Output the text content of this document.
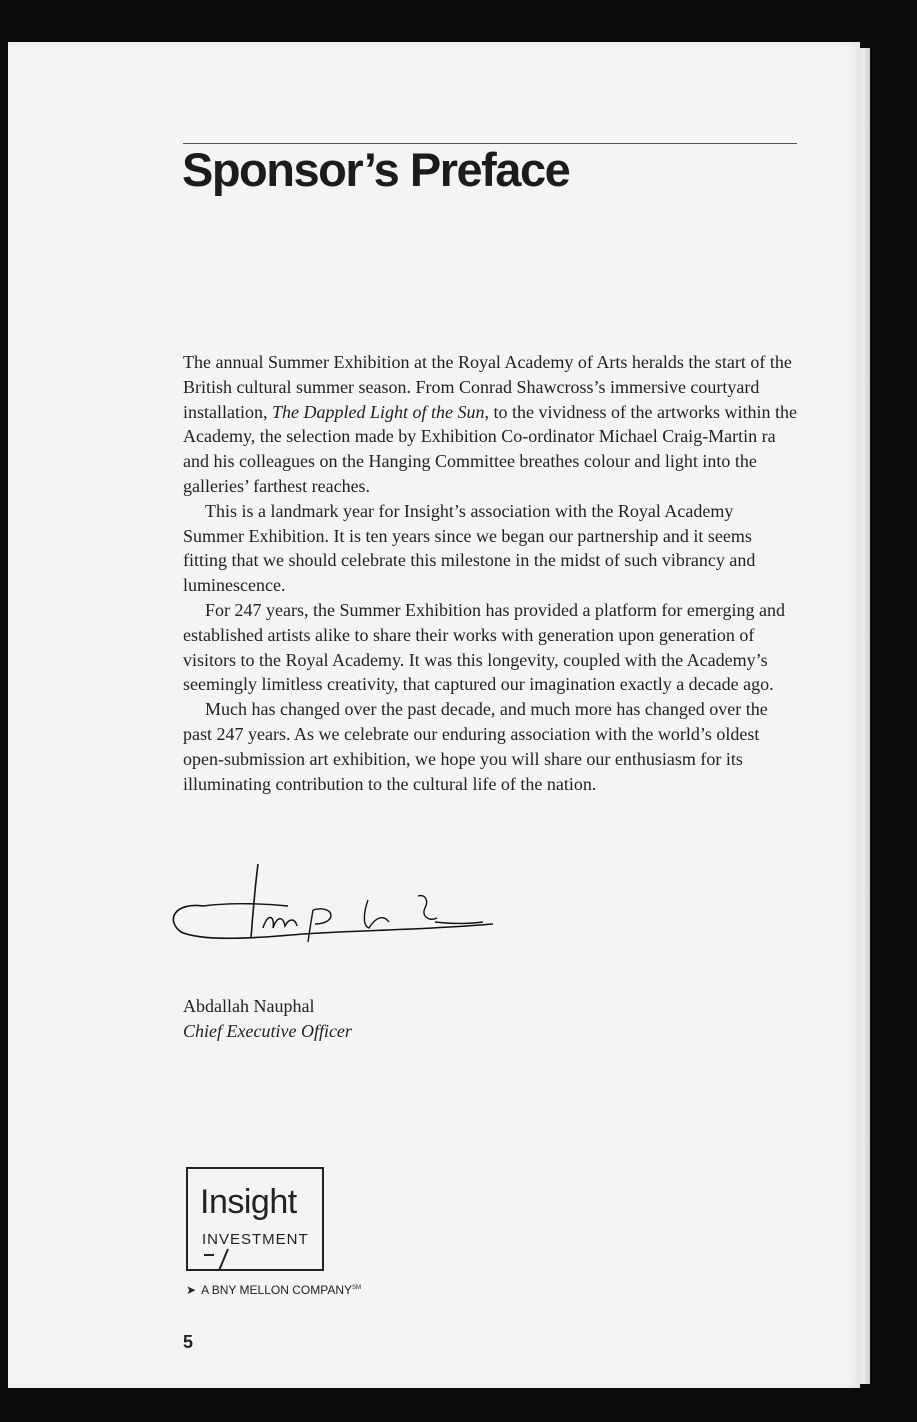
Sponsor’s Preface

The annual Summer Exhibition at the Royal Academy of Arts heralds the start of the British cultural summer season. From Conrad Shawcross’s immersive courtyard installation, The Dappled Light of the Sun, to the vividness of the artworks within the Academy, the selection made by Exhibition Co-ordinator Michael Craig-Martin ra and his colleagues on the Hanging Committee breathes colour and light into the galleries’ farthest reaches.

This is a landmark year for Insight’s association with the Royal Academy Summer Exhibition. It is ten years since we began our partnership and it seems fitting that we should celebrate this milestone in the midst of such vibrancy and luminescence.

For 247 years, the Summer Exhibition has provided a platform for emerging and established artists alike to share their works with generation upon generation of visitors to the Royal Academy. It was this longevity, coupled with the Academy’s seemingly limitless creativity, that captured our imagination exactly a decade ago.

Much has changed over the past decade, and much more has changed over the past 247 years. As we celebrate our enduring association with the world’s oldest open-submission art exhibition, we hope you will share our enthusiasm for its illuminating contribution to the cultural life of the nation.

Abdallah Nauphal
Chief Executive Officer
Insight
INVESTMENT
➤ A BNY MELLON COMPANY℠
5
